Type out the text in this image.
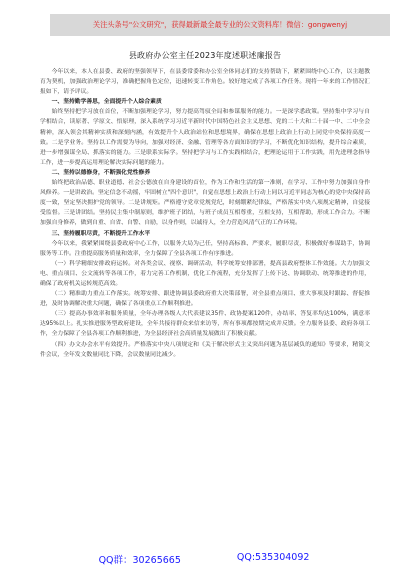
关注头条号"公文研究"，获得最新最全最专业的公文资料库！微信：gongwenyj
县政府办公室主任2023年度述职述廉报告

今年以来，本人在县委、政府的坚强领导下，在县委常委和办公室全体同志们的支持帮助下，紧紧围绕中心工作，以主题教育为契机，加强政治理论学习，准确把握角色定位，迅速转变工作角色。较好地完成了各项工作任务。现将一年来的工作情况汇报如下，请予评议。

一、坚持勤学善思，全面提升个人综合素质

始终坚持把学习放在首位，不断加强理论学习，努力提高驾驭全局和参谋服务的能力。一是深学悉政策。坚持集中学习与自学相结合，读原著、学原文、悟原理，深入系统学习习近平新时代中国特色社会主义思想、党的二十大和二十届一中、二中全会精神，深入领会其精神实质和深刻内涵，有效提升个人政治站位和思想境界，确保在思想上政治上行动上同党中央保持高度一致。二是学业务。坚持以工作需要为导向，加强对经济、金融、管理等各方面知识的学习，不断优化知识结构，提升综合素质，进一步增强谋全局、抓落实的能力。三是联系实际学。坚持把学习与工作实践相结合，把理论运用于工作实践，用先进理念指导工作，进一步提高运用理论解决实际问题的能力。

二、坚持以德修身，不断强化党性修养

始终把政治品德、职业道德、社会公德放在自身建设的首位，作为工作和生活的第一准则，在学习、工作中努力加强自身作风修养。一是讲政治。坚定信念不动摇，牢固树立"四个意识"，自觉在思想上政治上行动上同以习近平同志为核心的党中央保持高度一致，坚定坚决拥护党的领导。二是讲规矩。严格遵守党章党规党纪，时刻绷紧纪律弦，严格落实中央八项规定精神，自觉接受监督。三是讲团结。坚持民主集中制原则，维护班子团结，与班子成员互相尊重，互相支持，互相帮助，形成工作合力。不断加强自身修养，做到自重、自省、自警、自励，以身作则，以诚待人，全力营造风清气正的工作环境。

三、坚持履职尽责，不断提升工作水平

今年以来，我紧紧围绕县委政府中心工作，以服务大局为己任，坚持高标准、严要求，履职尽责，积极做好参谋助手，协调服务等工作。注重提高服务质量和效率，全力保障了全县各项工作有序推进。

（一）科学精细安排政府运转。对各类会议、视察、调研活动，科学统筹安排部署，提高县政府整体工作效能。大力加强文电、重点项目、公文流转等各项工作，着力完善工作机制，优化工作流程，充分发挥了上传下达、协调联动、统筹推进的作用，确保了政府机关运转规范高效。

（二）精准助力重点工作落实。统筹安排、跟进协调县委政府重大决策部署，对全县重点项目、重大事项及时跟踪、督促推进，及时协调解决重大问题，确保了各项重点工作顺利推进。

（三）提高办事效率和服务质量，全年办理各级人大代表建议35件、政协提案120件，办结率、答复率均达100%，满意率达95%以上。扎实推进服务型政府建设，全年共接待群众来信来访等，所有事项都按期完成并反馈。全力服务县委、政府各项工作，全力保障了全县各项工作顺利推进，为全县经济社会高质量发展做出了积极贡献。

（四）办文办会水平有效提升。严格落实中央八项规定和《关于解决形式主义突出问题为基层减负的通知》等要求，精简文件会议，全年发文数量同比下降，会议数量同比减少。

QQ群：30265665	QQ:535304092
